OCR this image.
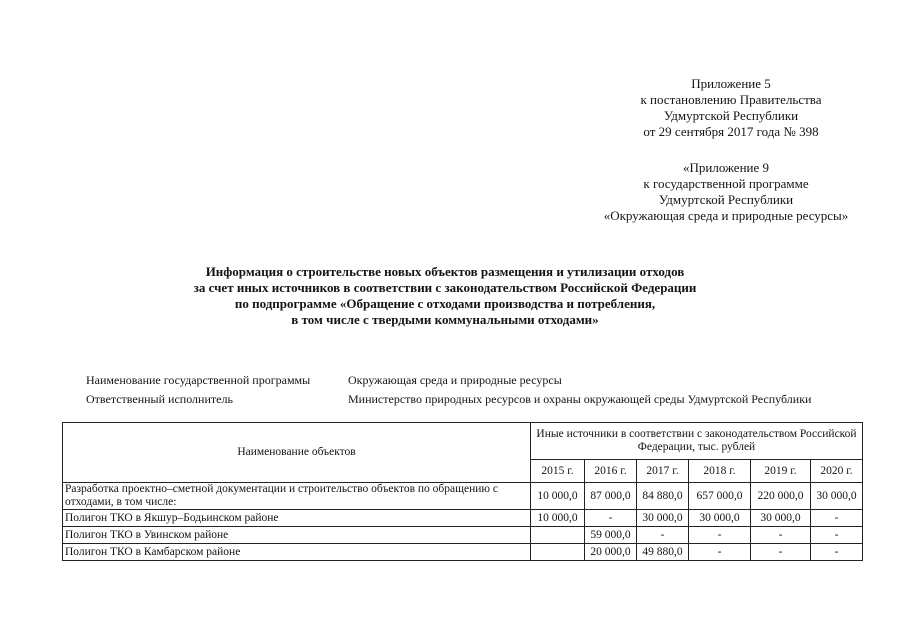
Приложение 5
к постановлению Правительства
Удмуртской Республики
от 29 сентября 2017 года № 398
«Приложение 9
к государственной программе
Удмуртской Республики
«Окружающая среда и природные ресурсы»
Информация о строительстве новых объектов размещения и утилизации отходов
за счет иных источников в соответствии с законодательством Российской Федерации
по подпрограмме «Обращение с отходами производства и потребления,
в том числе с твердыми коммунальными отходами»
Наименование государственной программы	Окружающая среда и природные ресурсы
Ответственный исполнитель	Министерство природных ресурсов и охраны окружающей среды Удмуртской Республики
Наименование объектов	Иные источники в соответствии с законодательством Российской Федерации, тыс. рублей					
	2015 г.	2016 г.	2017 г.	2018 г.	2019 г.	2020 г.
Разработка проектно–сметной документации и строительство объектов по обращению с отходами, в том числе:	10 000,0	87 000,0	84 880,0	657 000,0	220 000,0	30 000,0
Полигон ТКО в Якшур–Бодьинском районе	10 000,0	-	30 000,0	30 000,0	30 000,0	-
Полигон ТКО в Увинском районе		59 000,0	-	-	-	-
Полигон ТКО в Камбарском районе		20 000,0	49 880,0	-	-	-
